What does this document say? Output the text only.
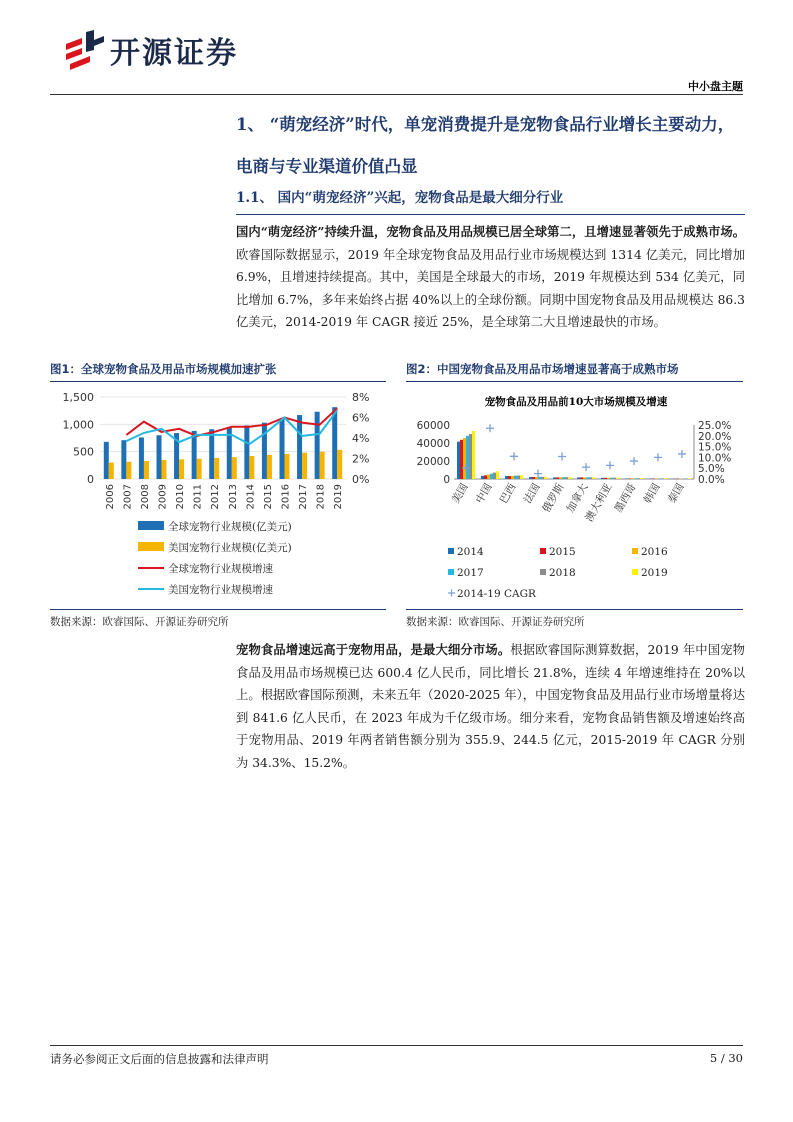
开源证券
中小盘主题
1、 “萌宠经济”时代，单宠消费提升是宠物食品行业增长主要动力，电商与专业渠道价值凸显
1.1、 国内“萌宠经济”兴起，宠物食品是最大细分行业
国内“萌宠经济”持续升温，宠物食品及用品规模已居全球第二，且增速显著领先于成熟市场。欧睿国际数据显示，2019 年全球宠物食品及用品行业市场规模达到 1314 亿美元，同比增加 6.9%，且增速持续提高。其中，美国是全球最大的市场，2019 年规模达到 534 亿美元，同比增加 6.7%，多年来始终占据 40%以上的全球份额。同期中国宠物食品及用品规模达 86.3 亿美元，2014-2019 年 CAGR 接近 25%，是全球第二大且增速最快的市场。
图1：全球宠物食品及用品市场规模加速扩张	图2：中国宠物食品及用品市场增速显著高于成熟市场
0
500
1,000
1,500
0%
2%
4%
6%
8%
2006 2007 2008 2009 2010 2011 2012 2013 2014 2015 2016 2017 2018 2019
全球宠物行业规模(亿美元)
美国宠物行业规模(亿美元)
全球宠物行业规模增速
美国宠物行业规模增速
宠物食品及用品前10大市场规模及增速
0
20000
40000
60000
0.0%
5.0%
10.0%
15.0%
20.0%
25.0%
美国 中国 巴西 法国
俄罗斯
加拿大
澳大利亚
墨西哥 韩国 泰国
2014	2015	2016
2017	2018	2019
2014-19 CAGR
数据来源：欧睿国际、开源证券研究所	数据来源：欧睿国际、开源证券研究所
宠物食品增速远高于宠物用品，是最大细分市场。根据欧睿国际测算数据，2019 年中国宠物食品及用品市场规模已达 600.4 亿人民币，同比增长 21.8%，连续 4 年增速维持在 20%以上。根据欧睿国际预测，未来五年（2020-2025 年），中国宠物食品及用品行业市场增量将达到 841.6 亿人民币，在 2023 年成为千亿级市场。细分来看，宠物食品销售额及增速始终高于宠物用品、2019 年两者销售额分别为 355.9、244.5 亿元，2015-2019 年 CAGR 分别为 34.3%、15.2%。
请务必参阅正文后面的信息披露和法律声明	5 / 30
